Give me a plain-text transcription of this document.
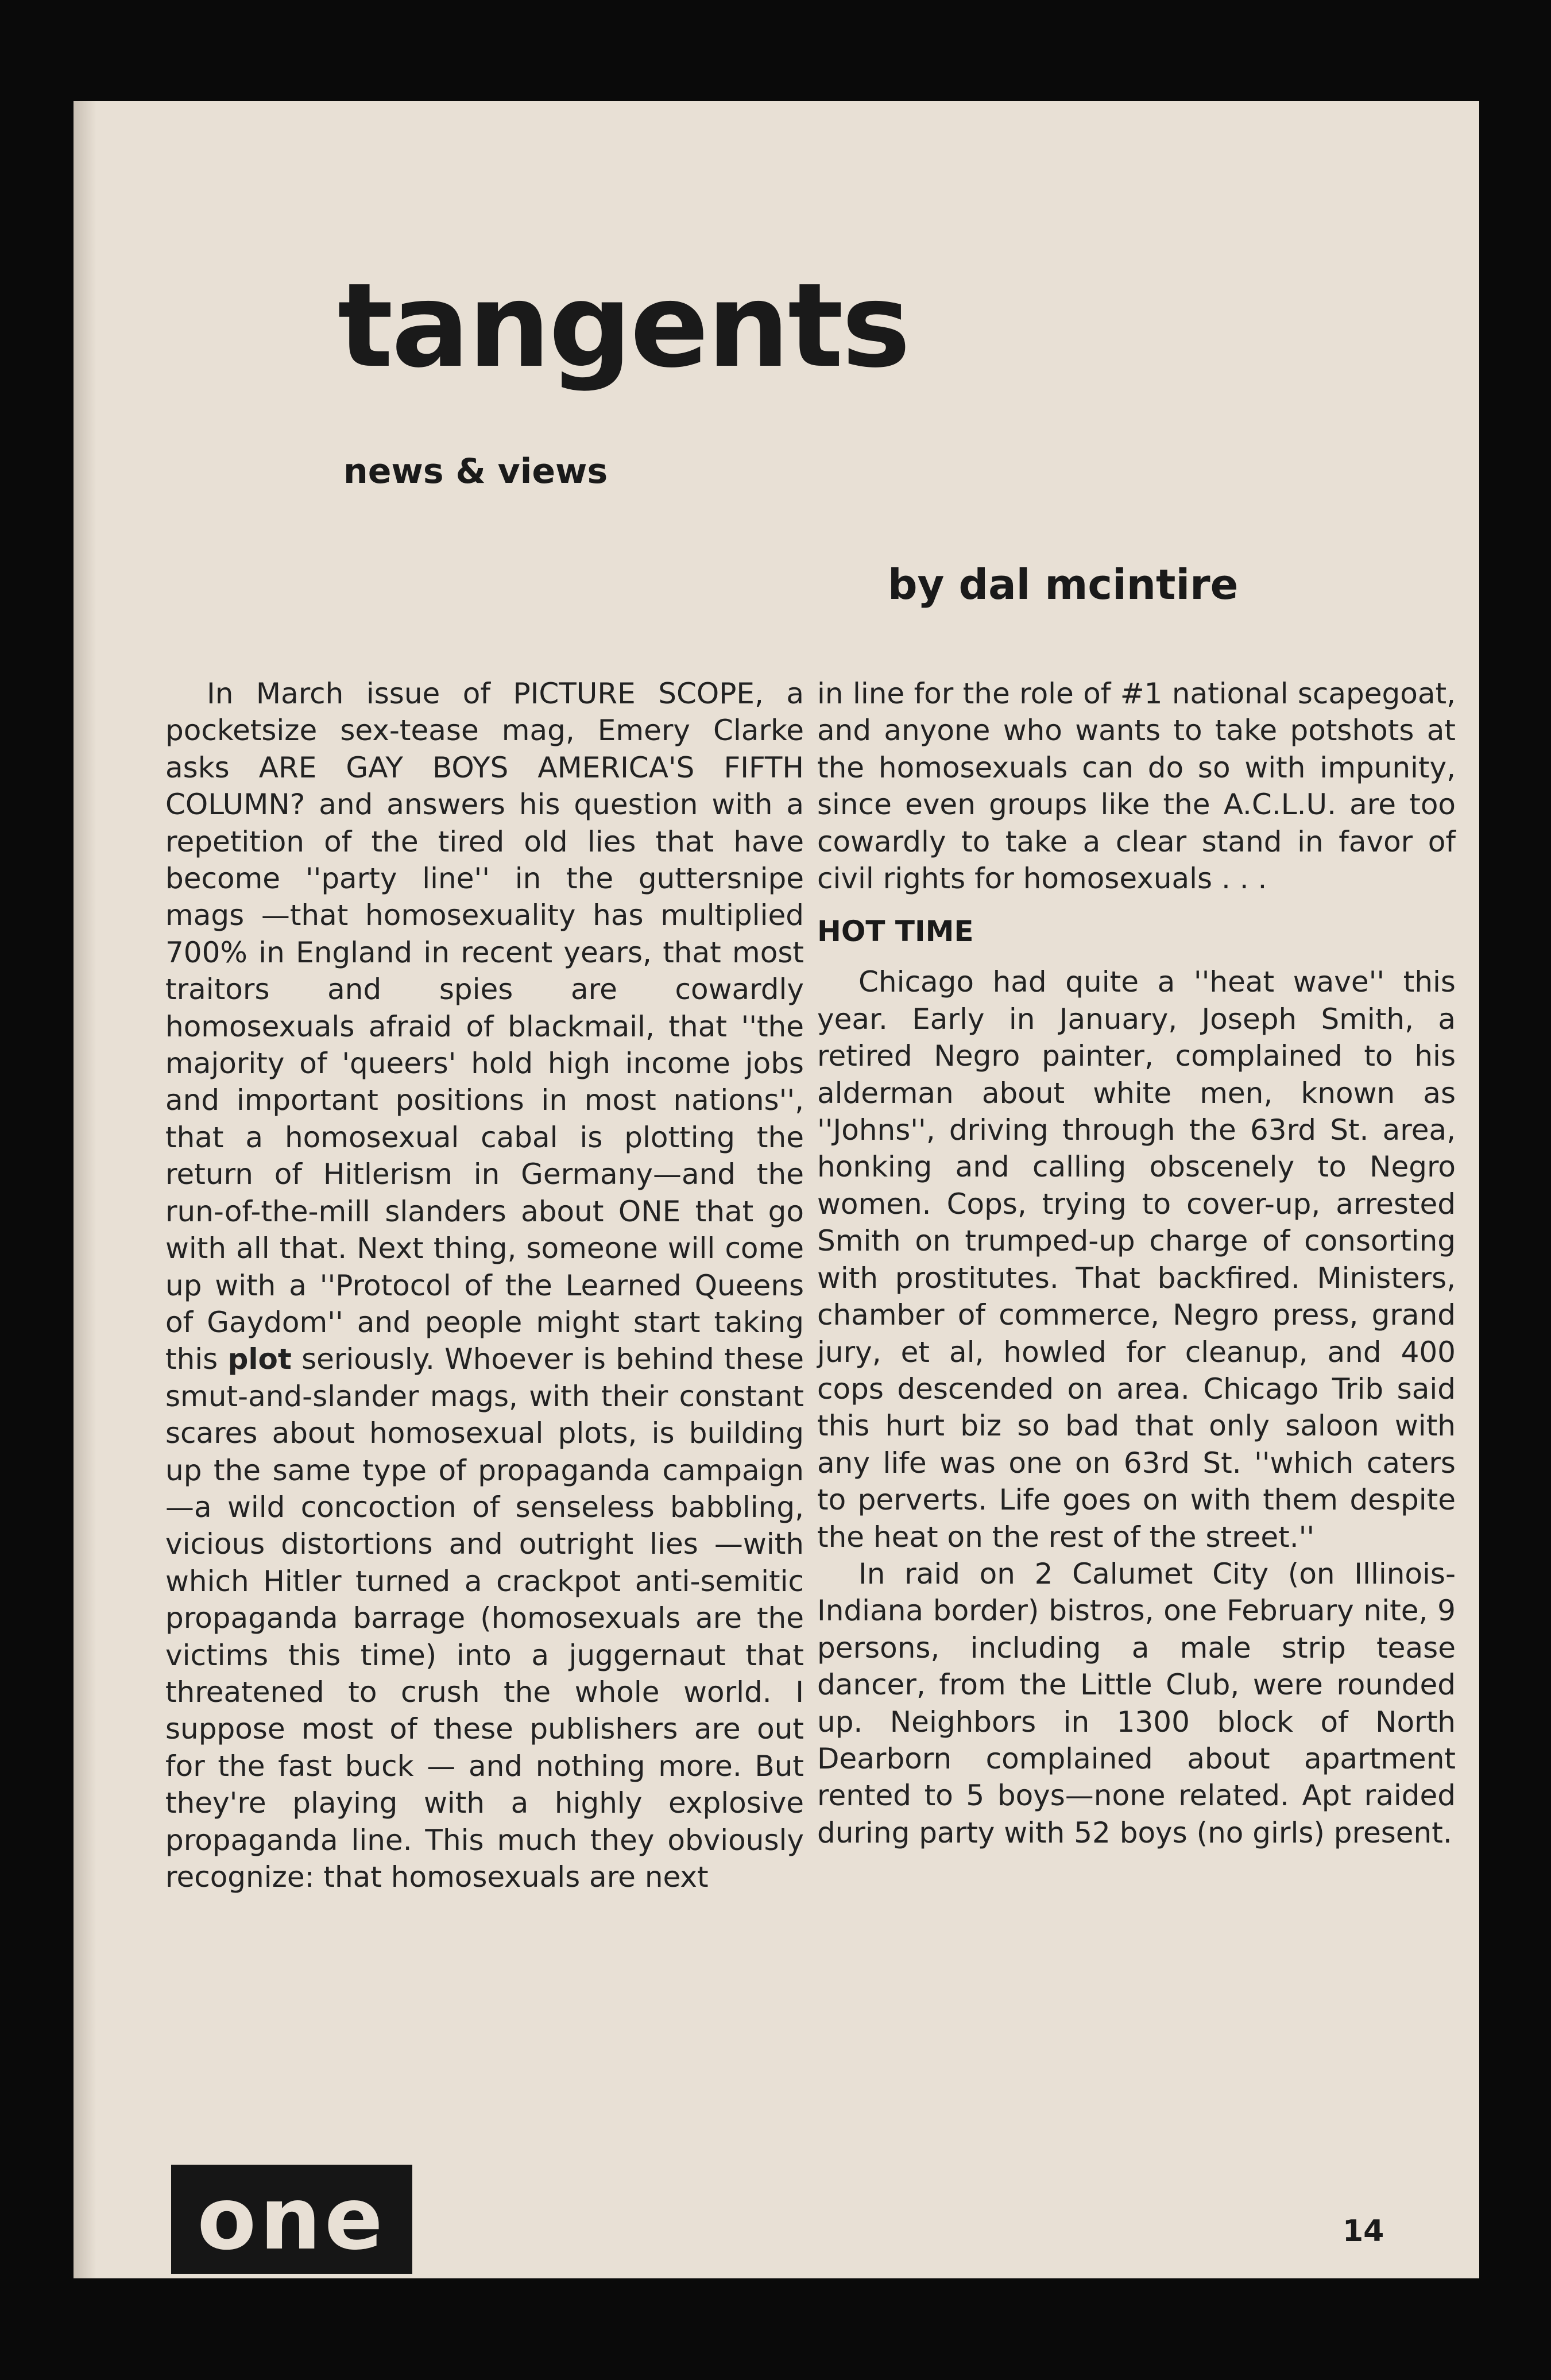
tangents
news & views
by dal mcintire

In March issue of PICTURE SCOPE, a pocketsize sex-tease mag, Emery Clarke asks ARE GAY BOYS AMERICA'S FIFTH COLUMN? and answers his question with a repetition of the tired old lies that have become ''party line'' in the guttersnipe mags —that homosexuality has multiplied 700% in England in recent years, that most traitors and spies are cowardly homosexuals afraid of blackmail, that ''the majority of 'queers' hold high income jobs and important positions in most nations'', that a homosexual cabal is plotting the return of Hitlerism in Germany—and the run-of-the-mill slanders about ONE that go with all that. Next thing, someone will come up with a ''Protocol of the Learned Queens of Gaydom'' and people might start taking this plot seriously. Whoever is behind these smut-and-slander mags, with their constant scares about homosexual plots, is building up the same type of propaganda campaign—a wild concoction of senseless babbling, vicious distortions and outright lies —with which Hitler turned a crackpot anti-semitic propaganda barrage (homosexuals are the victims this time) into a juggernaut that threatened to crush the whole world. I suppose most of these publishers are out for the fast buck — and nothing more. But they're playing with a highly explosive propaganda line. This much they obviously recognize: that homosexuals are next

in line for the role of #1 national scapegoat, and anyone who wants to take potshots at the homosexuals can do so with impunity, since even groups like the A.C.L.U. are too cowardly to take a clear stand in favor of civil rights for homosexuals . . .

HOT TIME

Chicago had quite a ''heat wave'' this year. Early in January, Joseph Smith, a retired Negro painter, complained to his alderman about white men, known as ''Johns'', driving through the 63rd St. area, honking and calling obscenely to Negro women. Cops, trying to cover-up, arrested Smith on trumped-up charge of consorting with prostitutes. That backfired. Ministers, chamber of commerce, Negro press, grand jury, et al, howled for cleanup, and 400 cops descended on area. Chicago Trib said this hurt biz so bad that only saloon with any life was one on 63rd St. ''which caters to perverts. Life goes on with them despite the heat on the rest of the street.''

In raid on 2 Calumet City (on Illinois-Indiana border) bistros, one February nite, 9 persons, including a male strip tease dancer, from the Little Club, were rounded up. Neighbors in 1300 block of North Dearborn complained about apartment rented to 5 boys—none related. Apt raided during party with 52 boys (no girls) present.

one	14
